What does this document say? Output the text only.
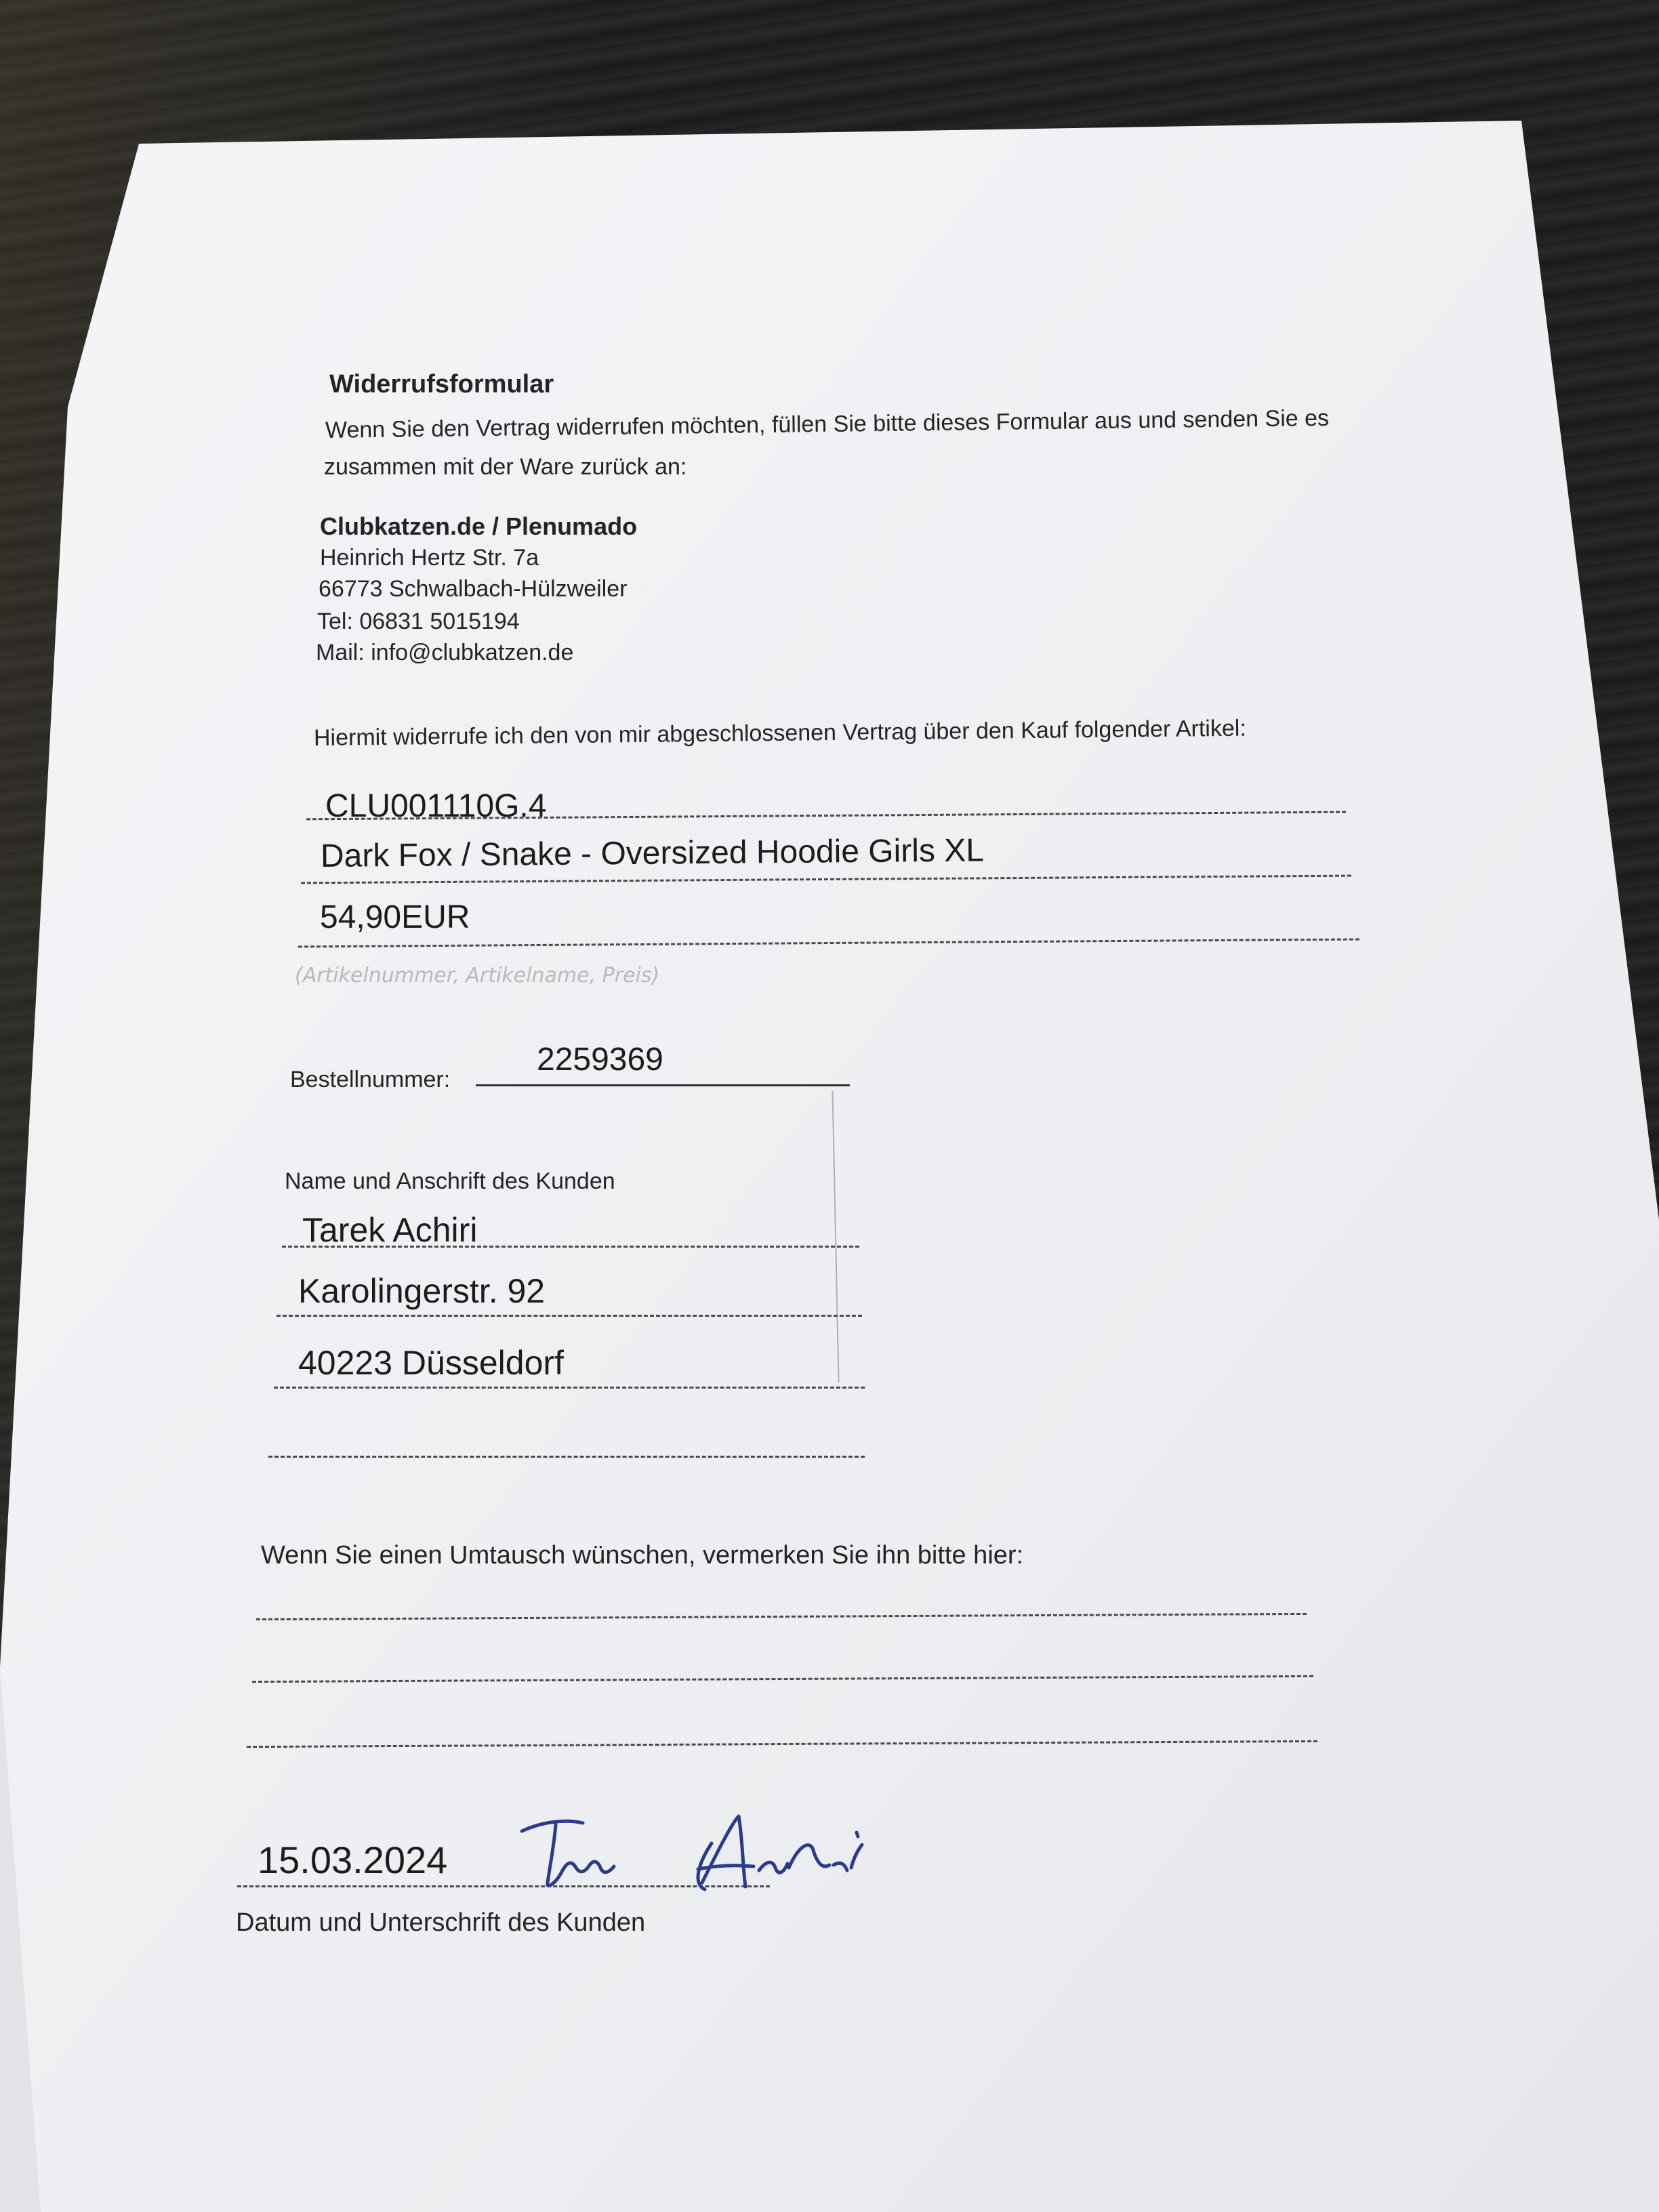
Widerrufsformular
Wenn Sie den Vertrag widerrufen möchten, füllen Sie bitte dieses Formular aus und senden Sie es
zusammen mit der Ware zurück an:
Clubkatzen.de / Plenumado
Heinrich Hertz Str. 7a
66773 Schwalbach-Hülzweiler
Tel: 06831 5015194
Mail: info@clubkatzen.de
Hiermit widerrufe ich den von mir abgeschlossenen Vertrag über den Kauf folgender Artikel:
CLU001110G.4
Dark Fox / Snake - Oversized Hoodie Girls XL
54,90EUR
(Artikelnummer, Artikelname, Preis)
Bestellnummer:
2259369
Name und Anschrift des Kunden
Tarek Achiri
Karolingerstr. 92
40223 Düsseldorf
Wenn Sie einen Umtausch wünschen, vermerken Sie ihn bitte hier:
15.03.2024
Datum und Unterschrift des Kunden
